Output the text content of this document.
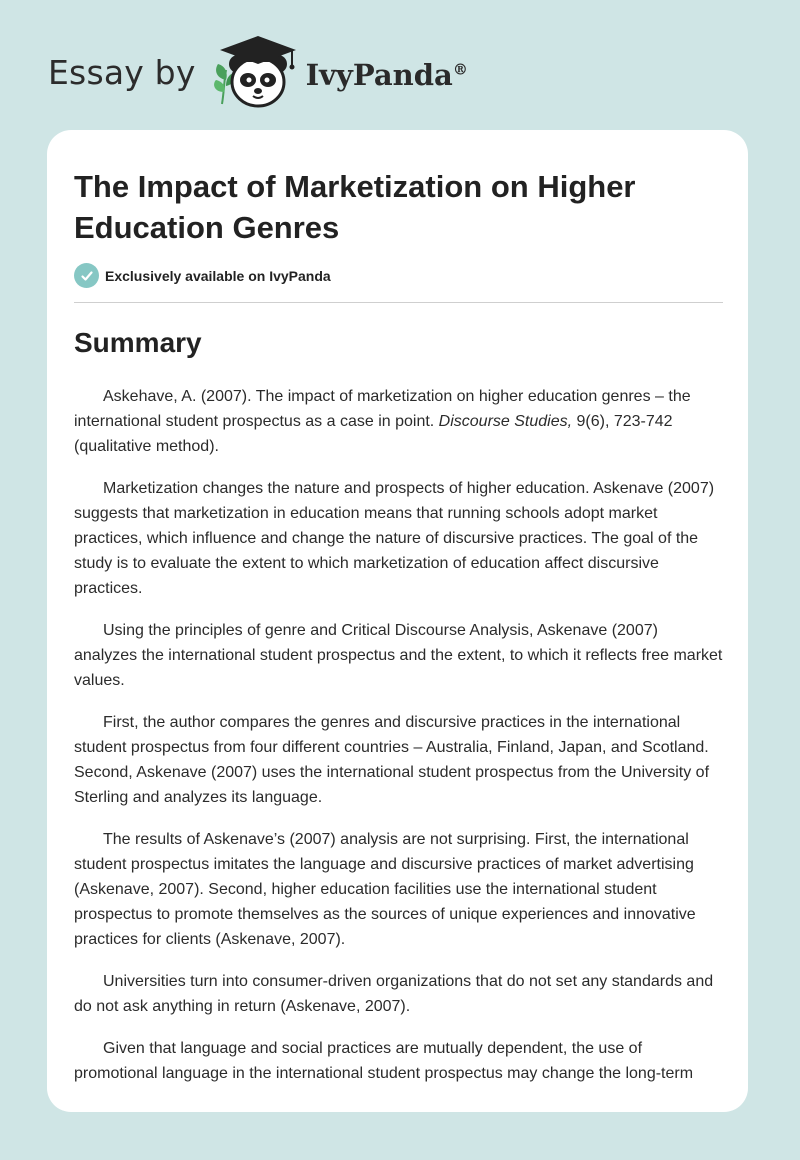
Essay by	IvyPanda®
The Impact of Marketization on Higher Education Genres
Exclusively available on IvyPanda
Summary

Askehave, A. (2007). The impact of marketization on higher education genres – the international student prospectus as a case in point. Discourse Studies, 9(6), 723-742 (qualitative method).

Marketization changes the nature and prospects of higher education. Askenave (2007) suggests that marketization in education means that running schools adopt market practices, which influence and change the nature of discursive practices. The goal of the study is to evaluate the extent to which marketization of education affect discursive practices.

Using the principles of genre and Critical Discourse Analysis, Askenave (2007) analyzes the international student prospectus and the extent, to which it reflects free market values.

First, the author compares the genres and discursive practices in the international student prospectus from four different countries – Australia, Finland, Japan, and Scotland. Second, Askenave (2007) uses the international student prospectus from the University of Sterling and analyzes its language.

The results of Askenave’s (2007) analysis are not surprising. First, the international student prospectus imitates the language and discursive practices of market advertising (Askenave, 2007). Second, higher education facilities use the international student prospectus to promote themselves as the sources of unique experiences and innovative practices for clients (Askenave, 2007).

Universities turn into consumer-driven organizations that do not set any standards and do not ask anything in return (Askenave, 2007).

Given that language and social practices are mutually dependent, the use of promotional language in the international student prospectus may change the long-term
